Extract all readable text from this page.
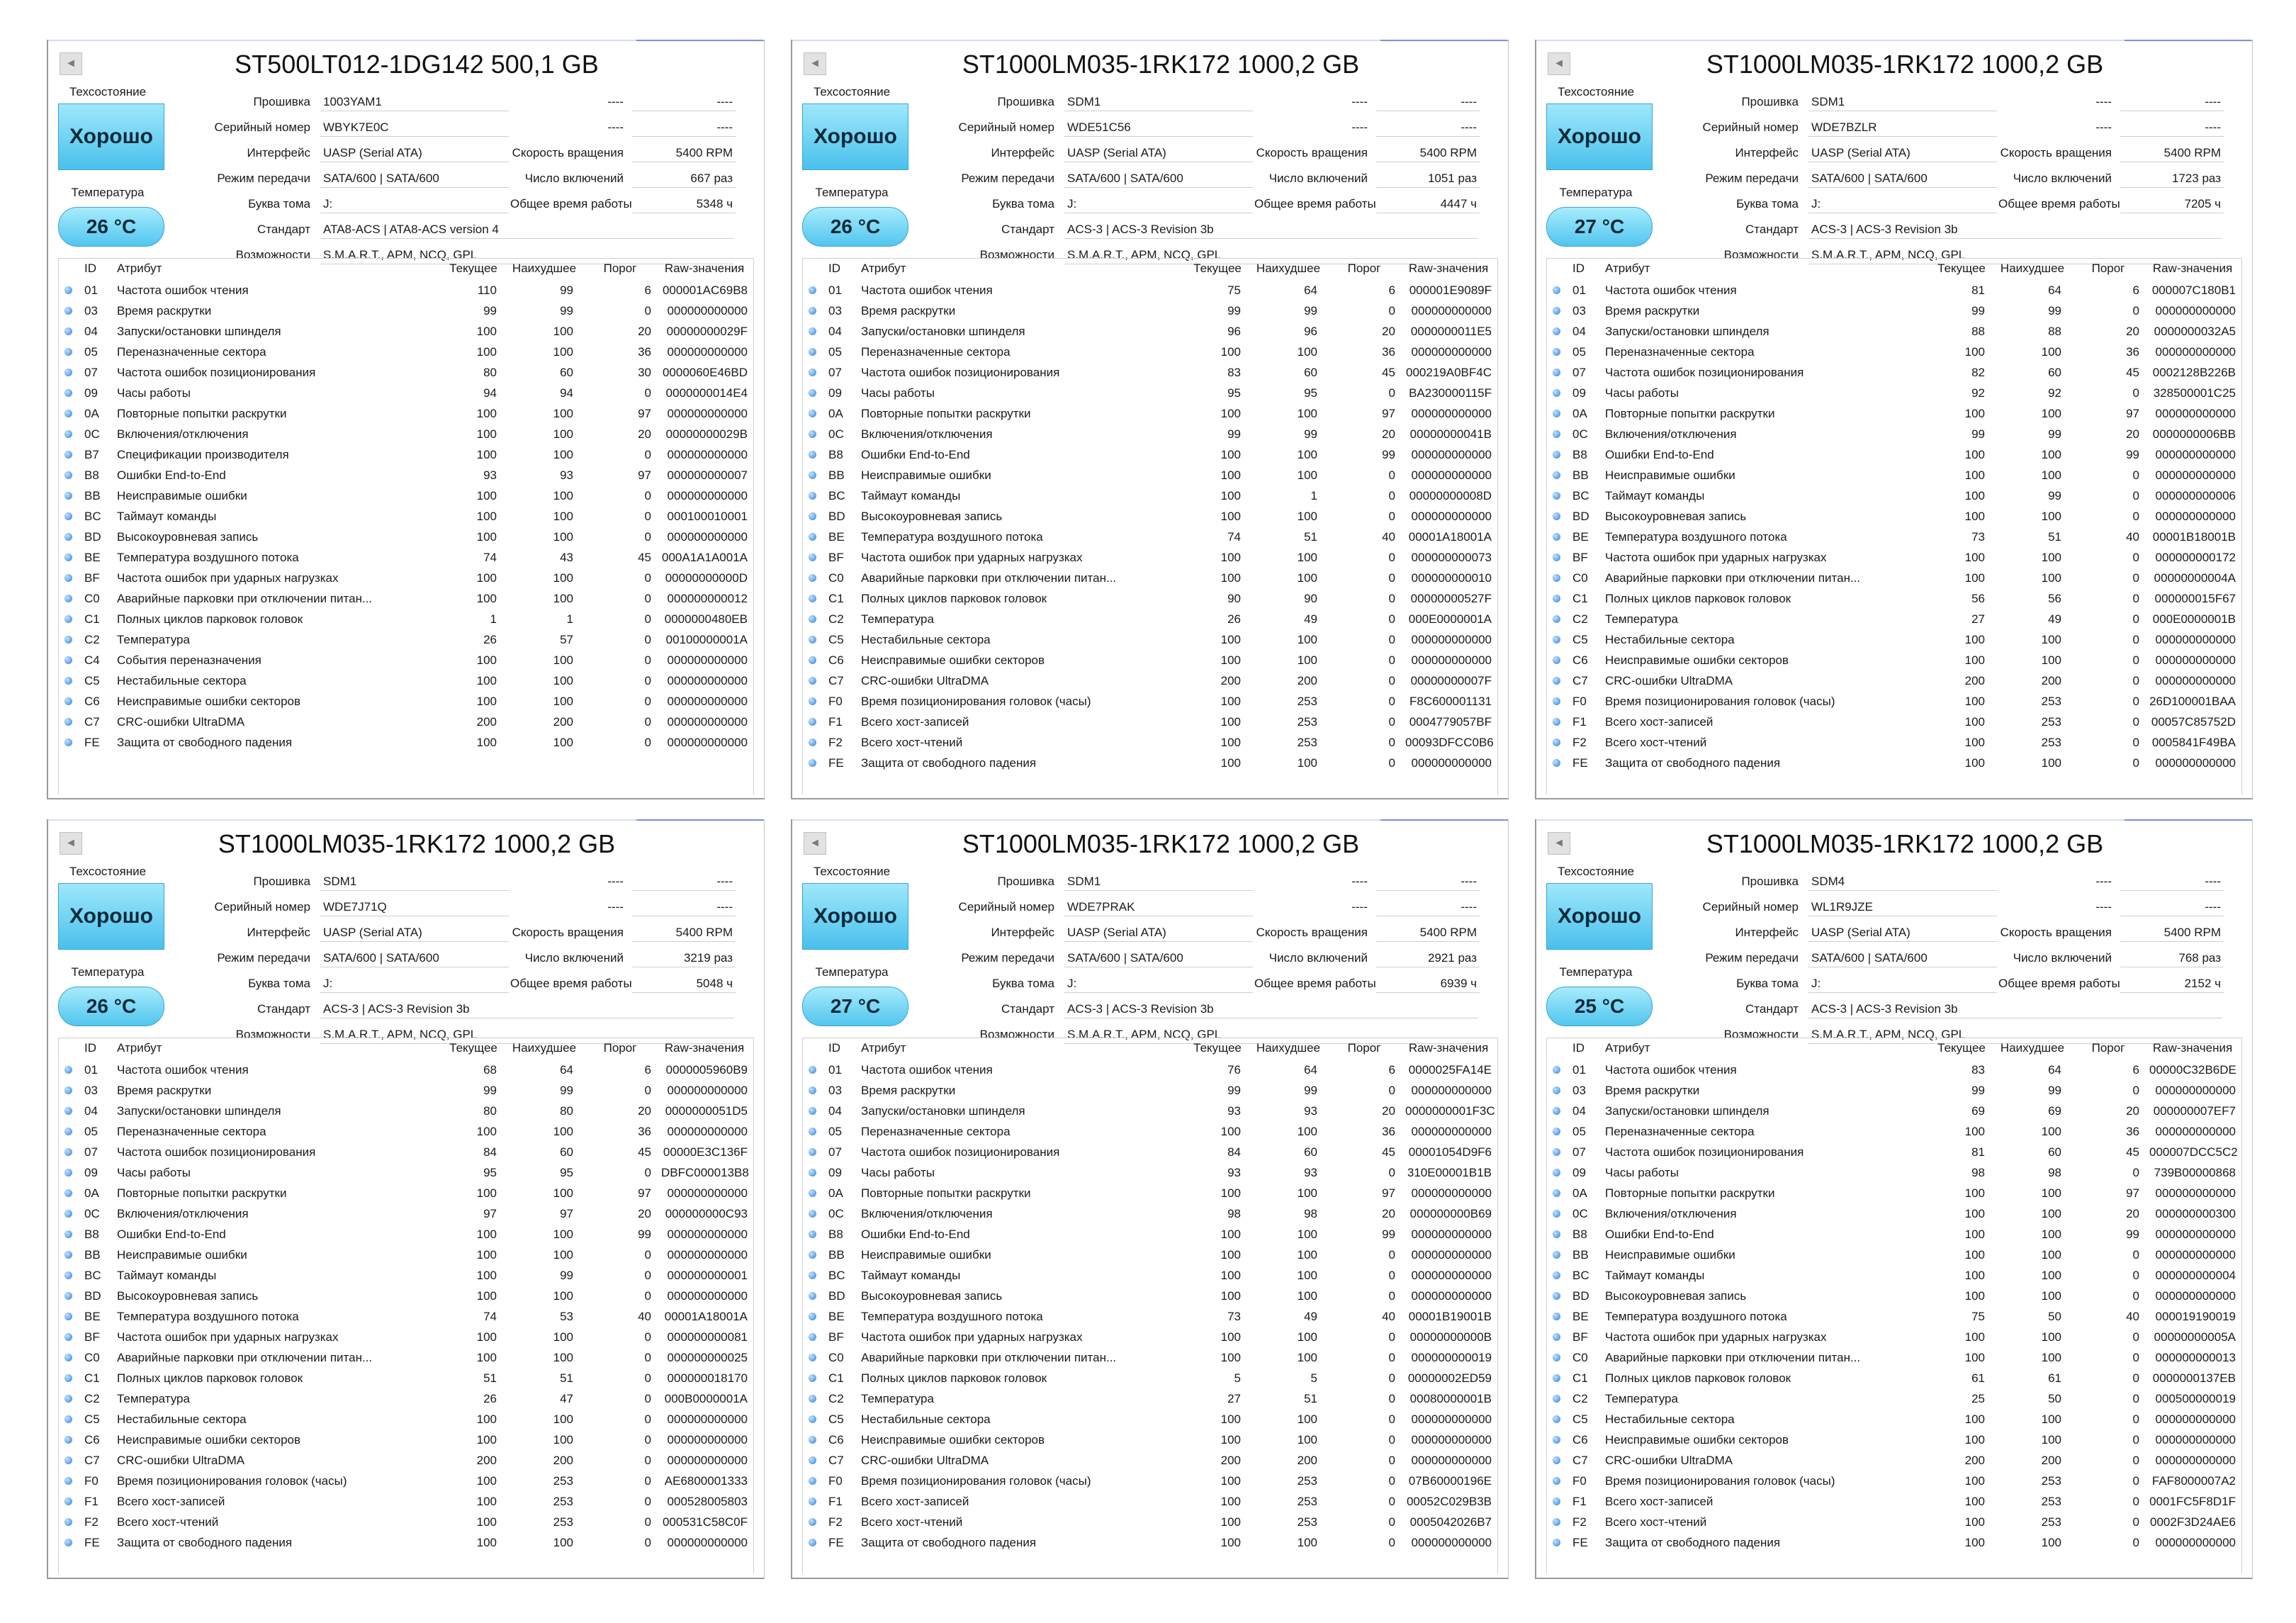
◄	ST500LT012-1DG142 500,1 GB
Техсостояние
Хорошо
Температура
26 °C
Прошивка 1003YAM1	----	----
Серийный номер WBYK7E0C	----	----
Интерфейс UASP (Serial ATA)	Скорость вращения	5400 RPM
Режим передачи SATA/600 | SATA/600	Число включений	667 раз
Буква тома J:	Общее время работы	5348 ч
Стандарт ATA8-ACS | ATA8-ACS version 4
Возможности S.M.A.R.T., APM, NCQ, GPL
ID	Атрибут	Текущее	Наихудшее	Порог	Raw-значения
01	Частота ошибок чтения	110	99	6 000001AC69B8
03	Время раскрутки	99	99	0	000000000000
04	Запуски/остановки шпинделя	100	100	20	00000000029F
05	Переназначенные сектора	100	100	36	000000000000
07	Частота ошибок позиционирования	80	60	30 0000060E46BD
09	Часы работы	94	94	0	0000000014E4
0A	Повторные попытки раскрутки	100	100	97	000000000000
0C	Включения/отключения	100	100	20	00000000029B
B7	Спецификации производителя	100	100	0	000000000000
B8	Ошибки End-to-End	93	93	97	000000000007
BB	Неисправимые ошибки	100	100	0	000000000000
BC	Таймаут команды	100	100	0	000100010001
BD	Высокоуровневая запись	100	100	0	000000000000
BE	Температура воздушного потока	74	43	45 000A1A1A001A
BF	Частота ошибок при ударных нагрузках	100	100	0	00000000000D
C0	Аварийные парковки при отключении питан...	100	100	0	000000000012
C1	Полных циклов парковок головок	1	1	0 0000000480EB
C2	Температура	26	57	0	00100000001A
C4	События переназначения	100	100	0	000000000000
C5	Нестабильные сектора	100	100	0	000000000000
C6	Неисправимые ошибки секторов	100	100	0	000000000000
C7	CRC-ошибки UltraDMA	200	200	0	000000000000
FE	Защита от свободного падения	100	100	0	000000000000
◄	ST1000LM035-1RK172 1000,2 GB
Техсостояние
Хорошо
Температура
26 °C
Прошивка SDM1	----	----
Серийный номер WDE51C56	----	----
Интерфейс UASP (Serial ATA)	Скорость вращения	5400 RPM
Режим передачи SATA/600 | SATA/600	Число включений	1051 раз
Буква тома J:	Общее время работы	4447 ч
Стандарт ACS-3 | ACS-3 Revision 3b
Возможности S.M.A.R.T., APM, NCQ, GPL
ID	Атрибут	Текущее	Наихудшее	Порог	Raw-значения
01	Частота ошибок чтения	75	64	6	000001E9089F
03	Время раскрутки	99	99	0	000000000000
04	Запуски/остановки шпинделя	96	96	20	0000000011E5
05	Переназначенные сектора	100	100	36	000000000000
07	Частота ошибок позиционирования	83	60	45 000219A0BF4C
09	Часы работы	95	95	0 BA230000115F
0A	Повторные попытки раскрутки	100	100	97	000000000000
0C	Включения/отключения	99	99	20	00000000041B
B8	Ошибки End-to-End	100	100	99	000000000000
BB	Неисправимые ошибки	100	100	0	000000000000
BC	Таймаут команды	100	1	0	00000000008D
BD	Высокоуровневая запись	100	100	0	000000000000
BE	Температура воздушного потока	74	51	40 00001A18001A
BF	Частота ошибок при ударных нагрузках	100	100	0	000000000073
C0	Аварийные парковки при отключении питан...	100	100	0	000000000010
C1	Полных циклов парковок головок	90	90	0	00000000527F
C2	Температура	26	49	0 000E0000001A
C5	Нестабильные сектора	100	100	0	000000000000
C6	Неисправимые ошибки секторов	100	100	0	000000000000
C7	CRC-ошибки UltraDMA	200	200	0	00000000007F
F0	Время позиционирования головок (часы)	100	253	0	F8C600001131
F1	Всего хост-записей	100	253	0	0004779057BF
F2	Всего хост-чтений	100	253	0 00093DFCC0B6
FE	Защита от свободного падения	100	100	0	000000000000
◄	ST1000LM035-1RK172 1000,2 GB
Техсостояние
Хорошо
Температура
27 °C
Прошивка SDM1	----	----
Серийный номер WDE7BZLR	----	----
Интерфейс UASP (Serial ATA)	Скорость вращения	5400 RPM
Режим передачи SATA/600 | SATA/600	Число включений	1723 раз
Буква тома J:	Общее время работы	7205 ч
Стандарт ACS-3 | ACS-3 Revision 3b
Возможности S.M.A.R.T., APM, NCQ, GPL
ID	Атрибут	Текущее	Наихудшее	Порог	Raw-значения
01	Частота ошибок чтения	81	64	6 000007C180B1
03	Время раскрутки	99	99	0	000000000000
04	Запуски/остановки шпинделя	88	88	20	0000000032A5
05	Переназначенные сектора	100	100	36	000000000000
07	Частота ошибок позиционирования	82	60	45 0002128B226B
09	Часы работы	92	92	0	328500001C25
0A	Повторные попытки раскрутки	100	100	97	000000000000
0C	Включения/отключения	99	99	20 0000000006BB
B8	Ошибки End-to-End	100	100	99	000000000000
BB	Неисправимые ошибки	100	100	0	000000000000
BC	Таймаут команды	100	99	0	000000000006
BD	Высокоуровневая запись	100	100	0	000000000000
BE	Температура воздушного потока	73	51	40 00001B18001B
BF	Частота ошибок при ударных нагрузках	100	100	0	000000000172
C0	Аварийные парковки при отключении питан...	100	100	0	00000000004A
C1	Полных циклов парковок головок	56	56	0	000000015F67
C2	Температура	27	49	0 000E0000001B
C5	Нестабильные сектора	100	100	0	000000000000
C6	Неисправимые ошибки секторов	100	100	0	000000000000
C7	CRC-ошибки UltraDMA	200	200	0	000000000000
F0	Время позиционирования головок (часы)	100	253	0 26D100001BAA
F1	Всего хост-записей	100	253	0 00057C85752D
F2	Всего хост-чтений	100	253	0 0005841F49BA
FE	Защита от свободного падения	100	100	0	000000000000
◄	ST1000LM035-1RK172 1000,2 GB
Техсостояние
Хорошо
Температура
26 °C
Прошивка SDM1	----	----
Серийный номер WDE7J71Q	----	----
Интерфейс UASP (Serial ATA)	Скорость вращения	5400 RPM
Режим передачи SATA/600 | SATA/600	Число включений	3219 раз
Буква тома J:	Общее время работы	5048 ч
Стандарт ACS-3 | ACS-3 Revision 3b
Возможности S.M.A.R.T., APM, NCQ, GPL
ID	Атрибут	Текущее	Наихудшее	Порог	Raw-значения
01	Частота ошибок чтения	68	64	6	0000005960B9
03	Время раскрутки	99	99	0	000000000000
04	Запуски/остановки шпинделя	80	80	20	0000000051D5
05	Переназначенные сектора	100	100	36	000000000000
07	Частота ошибок позиционирования	84	60	45 00000E3C136F
09	Часы работы	95	95	0 DBFC000013B8
0A	Повторные попытки раскрутки	100	100	97	000000000000
0C	Включения/отключения	97	97	20	000000000C93
B8	Ошибки End-to-End	100	100	99	000000000000
BB	Неисправимые ошибки	100	100	0	000000000000
BC	Таймаут команды	100	99	0	000000000001
BD	Высокоуровневая запись	100	100	0	000000000000
BE	Температура воздушного потока	74	53	40 00001A18001A
BF	Частота ошибок при ударных нагрузках	100	100	0	000000000081
C0	Аварийные парковки при отключении питан...	100	100	0	000000000025
C1	Полных циклов парковок головок	51	51	0	000000018170
C2	Температура	26	47	0 000B0000001A
C5	Нестабильные сектора	100	100	0	000000000000
C6	Неисправимые ошибки секторов	100	100	0	000000000000
C7	CRC-ошибки UltraDMA	200	200	0	000000000000
F0	Время позиционирования головок (часы)	100	253	0 AE6800001333
F1	Всего хост-записей	100	253	0	000528005803
F2	Всего хост-чтений	100	253	0 000531C58C0F
FE	Защита от свободного падения	100	100	0	000000000000
◄	ST1000LM035-1RK172 1000,2 GB
Техсостояние
Хорошо
Температура
27 °C
Прошивка SDM1	----	----
Серийный номер WDE7PRAK	----	----
Интерфейс UASP (Serial ATA)	Скорость вращения	5400 RPM
Режим передачи SATA/600 | SATA/600	Число включений	2921 раз
Буква тома J:	Общее время работы	6939 ч
Стандарт ACS-3 | ACS-3 Revision 3b
Возможности S.M.A.R.T., APM, NCQ, GPL
ID	Атрибут	Текущее	Наихудшее	Порог	Raw-значения
01	Частота ошибок чтения	76	64	6 0000025FA14E
03	Время раскрутки	99	99	0	000000000000
04	Запуски/остановки шпинделя	93	93	20 0000000001F3C
05	Переназначенные сектора	100	100	36	000000000000
07	Частота ошибок позиционирования	84	60	45 00001054D9F6
09	Часы работы	93	93	0 310E00001B1B
0A	Повторные попытки раскрутки	100	100	97	000000000000
0C	Включения/отключения	98	98	20	000000000B69
B8	Ошибки End-to-End	100	100	99	000000000000
BB	Неисправимые ошибки	100	100	0	000000000000
BC	Таймаут команды	100	100	0	000000000000
BD	Высокоуровневая запись	100	100	0	000000000000
BE	Температура воздушного потока	73	49	40 00001B19001B
BF	Частота ошибок при ударных нагрузках	100	100	0	00000000000B
C0	Аварийные парковки при отключении питан...	100	100	0	000000000019
C1	Полных циклов парковок головок	5	5	0 00000002ED59
C2	Температура	27	51	0	00080000001B
C5	Нестабильные сектора	100	100	0	000000000000
C6	Неисправимые ошибки секторов	100	100	0	000000000000
C7	CRC-ошибки UltraDMA	200	200	0	000000000000
F0	Время позиционирования головок (часы)	100	253	0 07B60000196E
F1	Всего хост-записей	100	253	0 00052C029B3B
F2	Всего хост-чтений	100	253	0	0005042026B7
FE	Защита от свободного падения	100	100	0	000000000000
◄	ST1000LM035-1RK172 1000,2 GB
Техсостояние
Хорошо
Температура
25 °C
Прошивка SDM4	----	----
Серийный номер WL1R9JZE	----	----
Интерфейс UASP (Serial ATA)	Скорость вращения	5400 RPM
Режим передачи SATA/600 | SATA/600	Число включений	768 раз
Буква тома J:	Общее время работы	2152 ч
Стандарт ACS-3 | ACS-3 Revision 3b
Возможности S.M.A.R.T., APM, NCQ, GPL
ID	Атрибут	Текущее	Наихудшее	Порог	Raw-значения
01	Частота ошибок чтения	83	64	6 00000C32B6DE
03	Время раскрутки	99	99	0	000000000000
04	Запуски/остановки шпинделя	69	69	20	000000007EF7
05	Переназначенные сектора	100	100	36	000000000000
07	Частота ошибок позиционирования	81	60	45 000007DCC5C2
09	Часы работы	98	98	0	739B00000868
0A	Повторные попытки раскрутки	100	100	97	000000000000
0C	Включения/отключения	100	100	20	000000000300
B8	Ошибки End-to-End	100	100	99	000000000000
BB	Неисправимые ошибки	100	100	0	000000000000
BC	Таймаут команды	100	100	0	000000000004
BD	Высокоуровневая запись	100	100	0	000000000000
BE	Температура воздушного потока	75	50	40	000019190019
BF	Частота ошибок при ударных нагрузках	100	100	0	00000000005A
C0	Аварийные парковки при отключении питан...	100	100	0	000000000013
C1	Полных циклов парковок головок	61	61	0 0000000137EB
C2	Температура	25	50	0	000500000019
C5	Нестабильные сектора	100	100	0	000000000000
C6	Неисправимые ошибки секторов	100	100	0	000000000000
C7	CRC-ошибки UltraDMA	200	200	0	000000000000
F0	Время позиционирования головок (часы)	100	253	0 FAF8000007A2
F1	Всего хост-записей	100	253	0 0001FC5F8D1F
F2	Всего хост-чтений	100	253	0 0002F3D24AE6
FE	Защита от свободного падения	100	100	0	000000000000
